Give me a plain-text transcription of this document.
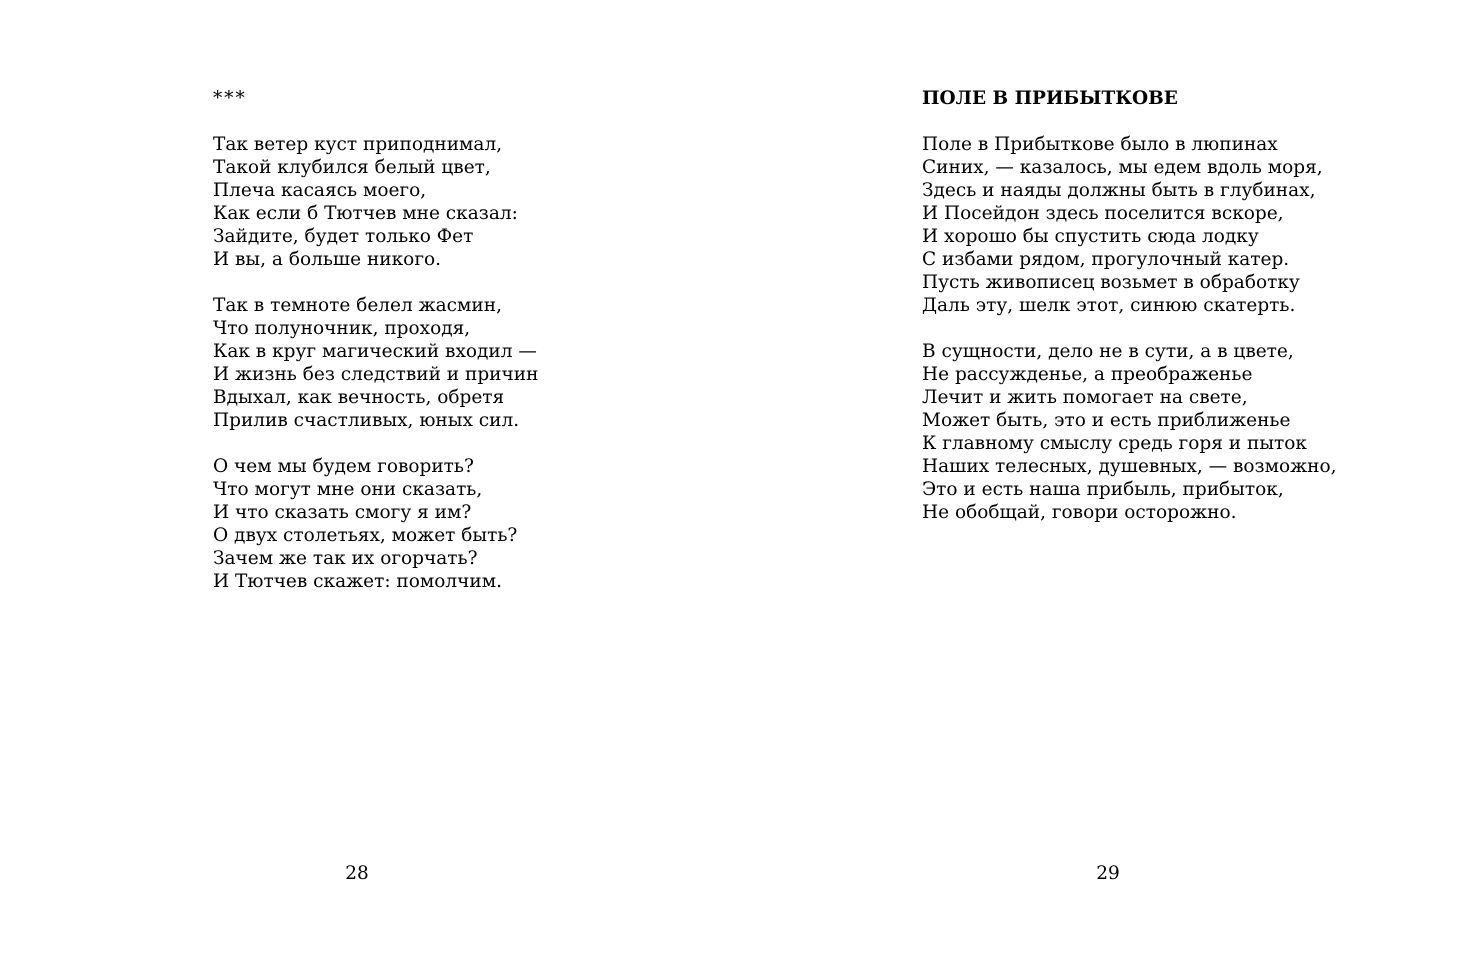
***
Так ветер куст приподнимал,
Такой клубился белый цвет,
Плеча касаясь моего,
Как если б Тютчев мне сказал:
Зайдите, будет только Фет
И вы, а больше никого.
Так в темноте белел жасмин,
Что полуночник, проходя,
Как в круг магический входил —
И жизнь без следствий и причин
Вдыхал, как вечность, обретя
Прилив счастливых, юных сил.
О чем мы будем говорить?
Что могут мне они сказать,
И что сказать смогу я им?
О двух столетьях, может быть?
Зачем же так их огорчать?
И Тютчев скажет: помолчим.
28
ПОЛЕ В ПРИБЫТКОВЕ
Поле в Прибыткове было в люпинах
Синих, — казалось, мы едем вдоль моря,
Здесь и наяды должны быть в глубинах,
И Посейдон здесь поселится вскоре,
И хорошо бы спустить сюда лодку
С избами рядом, прогулочный катер.
Пусть живописец возьмет в обработку
Даль эту, шелк этот, синюю скатерть.
В сущности, дело не в сути, а в цвете,
Не рассужденье, а преображенье
Лечит и жить помогает на свете,
Может быть, это и есть приближенье
К главному смыслу средь горя и пыток
Наших телесных, душевных, — возможно,
Это и есть наша прибыль, прибыток,
Не обобщай, говори осторожно.
29
